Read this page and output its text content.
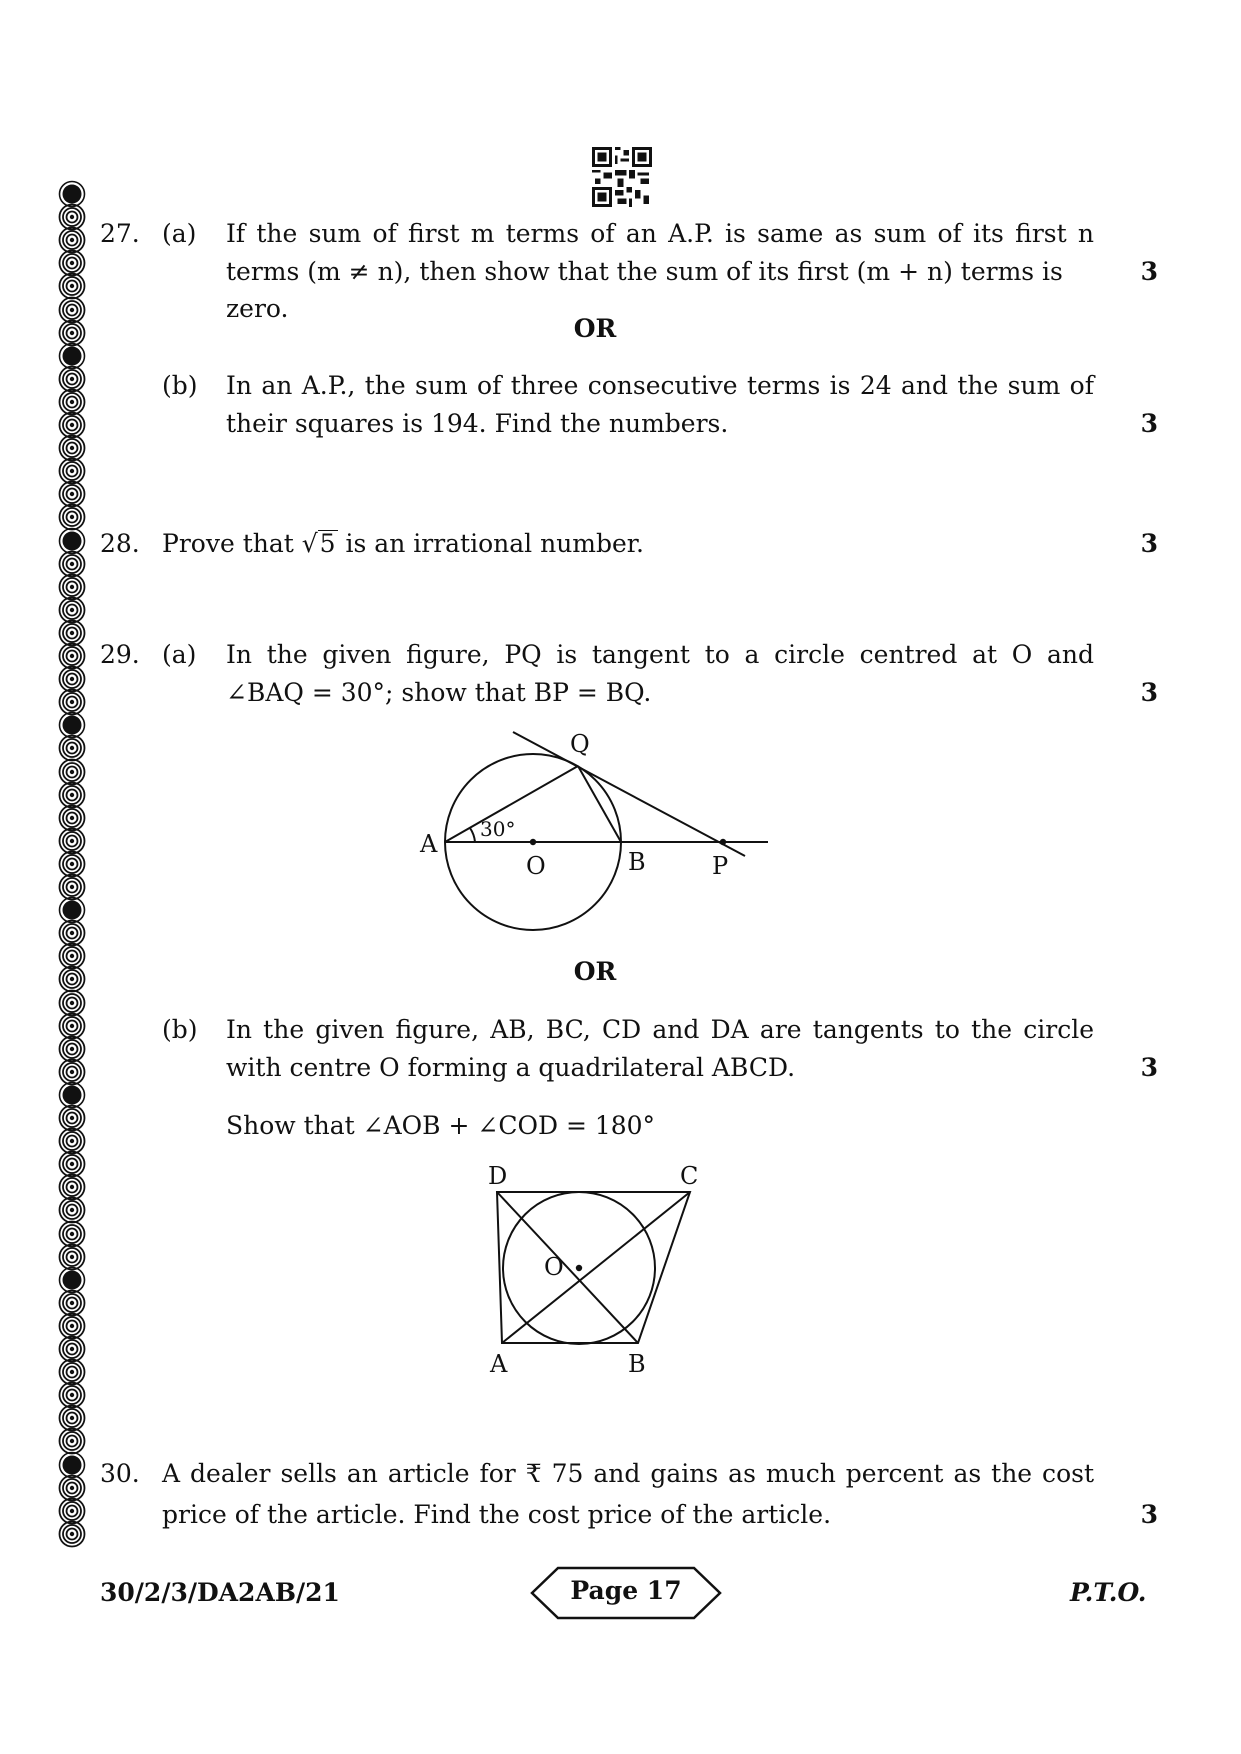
27. (a) If the sum of first m terms of an A.P. is same as sum of its first n
terms (m ≠ n), then show that the sum of its first (m + n) terms is zero.
3
OR
(b) In an A.P., the sum of three consecutive terms is 24 and the sum of
their squares is 194. Find the numbers.	3
28. Prove that √5 is an irrational number.	3
29. (a) In the given figure, PQ is tangent to a circle centred at O and
∠BAQ = 30°; show that BP = BQ.	3
A
O	B	P
Q
30°
OR
(b) In the given figure, AB, BC, CD and DA are tangents to the circle
with centre O forming a quadrilateral ABCD.	3
Show that ∠AOB + ∠COD = 180°
D	C
A	B
O
30. A dealer sells an article for ₹ 75 and gains as much percent as the cost
price of the article. Find the cost price of the article.	3
30/2/3/DA2AB/21	Page 17	P.T.O.
